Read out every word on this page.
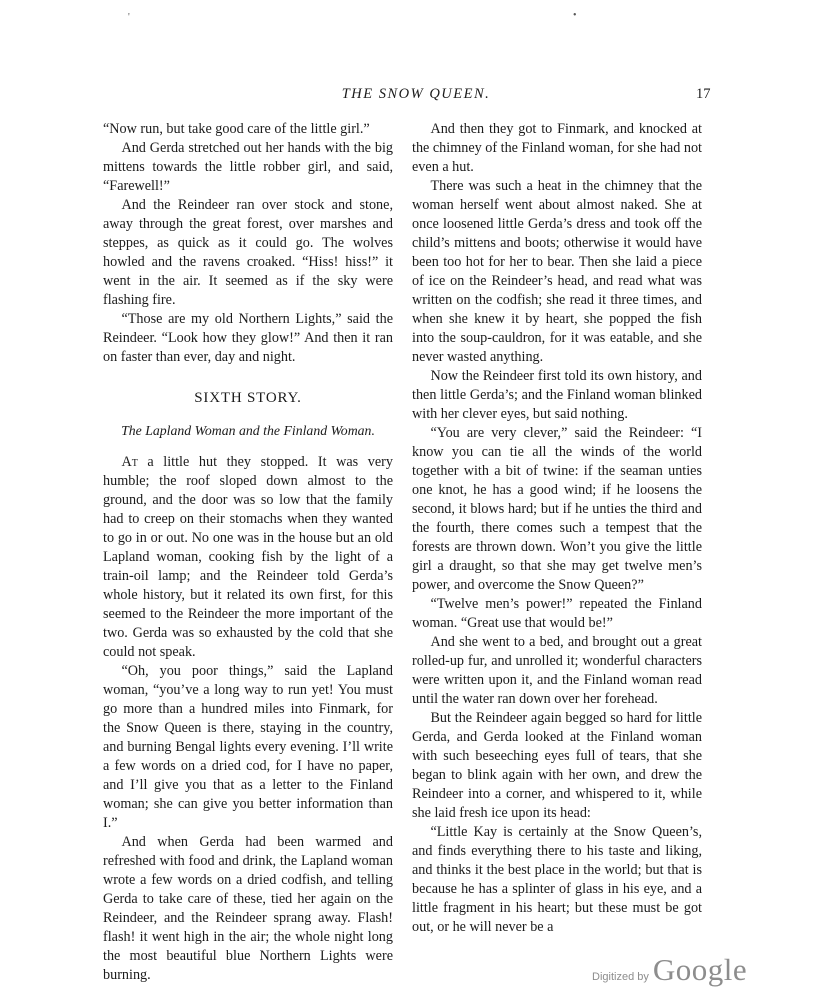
'	•
THE SNOW QUEEN.	17

“Now run, but take good care of the little girl.”

And Gerda stretched out her hands with the big mittens towards the little robber girl, and said, “Farewell!”

And the Reindeer ran over stock and stone, away through the great forest, over marshes and steppes, as quick as it could go. The wolves howled and the ravens croaked. “Hiss! hiss!” it went in the air. It seemed as if the sky were flashing fire.

“Those are my old Northern Lights,” said the Reindeer. “Look how they glow!” And then it ran on faster than ever, day and night.

SIXTH STORY.

The Lapland Woman and the Finland Woman.

At a little hut they stopped. It was very humble; the roof sloped down almost to the ground, and the door was so low that the family had to creep on their stomachs when they wanted to go in or out. No one was in the house but an old Lapland woman, cooking fish by the light of a train-oil lamp; and the Reindeer told Gerda’s whole history, but it related its own first, for this seemed to the Reindeer the more important of the two. Gerda was so exhausted by the cold that she could not speak.

“Oh, you poor things,” said the Lapland woman, “you’ve a long way to run yet! You must go more than a hundred miles into Finmark, for the Snow Queen is there, staying in the country, and burning Bengal lights every evening. I’ll write a few words on a dried cod, for I have no paper, and I’ll give you that as a letter to the Finland woman; she can give you better information than I.”

And when Gerda had been warmed and refreshed with food and drink, the Lapland woman wrote a few words on a dried codfish, and telling Gerda to take care of these, tied her again on the Reindeer, and the Reindeer sprang away. Flash! flash! it went high in the air; the whole night long the most beautiful blue Northern Lights were burning.

And then they got to Finmark, and knocked at the chimney of the Finland woman, for she had not even a hut.

There was such a heat in the chimney that the woman herself went about almost naked. She at once loosened little Gerda’s dress and took off the child’s mittens and boots; otherwise it would have been too hot for her to bear. Then she laid a piece of ice on the Reindeer’s head, and read what was written on the codfish; she read it three times, and when she knew it by heart, she popped the fish into the soup-cauldron, for it was eatable, and she never wasted anything.

Now the Reindeer first told its own history, and then little Gerda’s; and the Finland woman blinked with her clever eyes, but said nothing.

“You are very clever,” said the Reindeer: “I know you can tie all the winds of the world together with a bit of twine: if the seaman unties one knot, he has a good wind; if he loosens the second, it blows hard; but if he unties the third and the fourth, there comes such a tempest that the forests are thrown down. Won’t you give the little girl a draught, so that she may get twelve men’s power, and overcome the Snow Queen?”

“Twelve men’s power!” repeated the Finland woman. “Great use that would be!”

And she went to a bed, and brought out a great rolled-up fur, and unrolled it; wonderful characters were written upon it, and the Finland woman read until the water ran down over her forehead.

But the Reindeer again begged so hard for little Gerda, and Gerda looked at the Finland woman with such beseeching eyes full of tears, that she began to blink again with her own, and drew the Reindeer into a corner, and whispered to it, while she laid fresh ice upon its head:

“Little Kay is certainly at the Snow Queen’s, and finds everything there to his taste and liking, and thinks it the best place in the world; but that is because he has a splinter of glass in his eye, and a little fragment in his heart; but these must be got out, or he will never be a

Digitized by Google
